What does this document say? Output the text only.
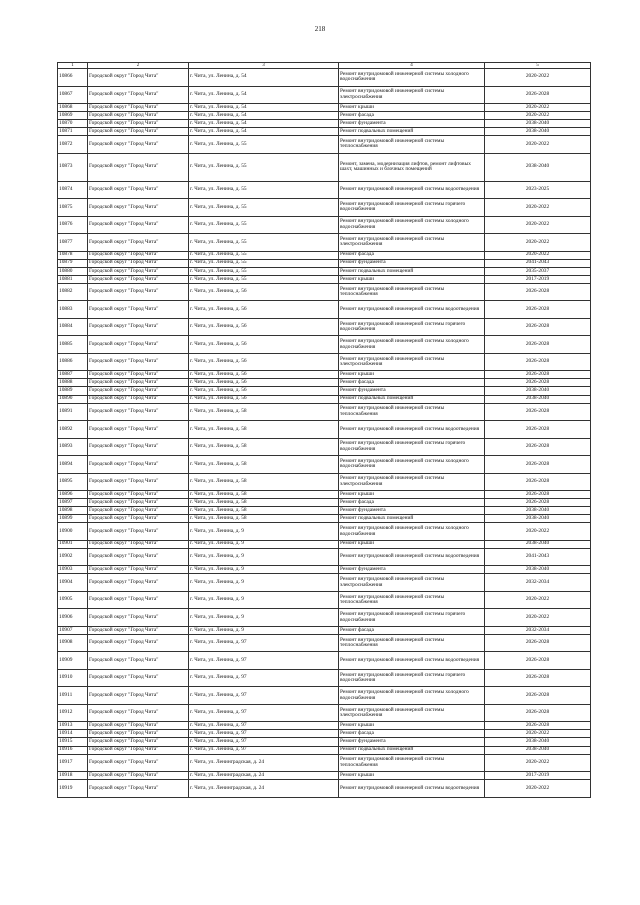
218
1	2	3	4	5
10866	Городской округ "Город Чита"	г. Чита, ул. Ленина, д. 54	Ремонт внутридомовой инженерной системы холодного водоснабжения	2020-2022
10867	Городской округ "Город Чита"	г. Чита, ул. Ленина, д. 54	Ремонт внутридомовой инженерной системы электроснабжения	2026-2028
10868	Городской округ "Город Чита"	г. Чита, ул. Ленина, д. 54	Ремонт крыши	2020-2022
10869	Городской округ "Город Чита"	г. Чита, ул. Ленина, д. 54	Ремонт фасада	2020-2022
10870	Городской округ "Город Чита"	г. Чита, ул. Ленина, д. 54	Ремонт фундамента	2038-2040
10871	Городской округ "Город Чита"	г. Чита, ул. Ленина, д. 54	Ремонт подвальных помещений	2038-2040
10872	Городской округ "Город Чита"	г. Чита, ул. Ленина, д. 55	Ремонт внутридомовой инженерной системы теплоснабжения	2020-2022
10873	Городской округ "Город Чита"	г. Чита, ул. Ленина, д. 55	Ремонт, замена, модернизация лифтов, ремонт лифтовых шахт, машинных и блочных помещений	2038-2040
10874	Городской округ "Город Чита"	г. Чита, ул. Ленина, д. 55	Ремонт внутридомовой инженерной системы водоотведения	2023-2025
10875	Городской округ "Город Чита"	г. Чита, ул. Ленина, д. 55	Ремонт внутридомовой инженерной системы горячего водоснабжения	2020-2022
10876	Городской округ "Город Чита"	г. Чита, ул. Ленина, д. 55	Ремонт внутридомовой инженерной системы холодного водоснабжения	2020-2022
10877	Городской округ "Город Чита"	г. Чита, ул. Ленина, д. 55	Ремонт внутридомовой инженерной системы электроснабжения	2020-2022
10878	Городской округ "Город Чита"	г. Чита, ул. Ленина, д. 55	Ремонт фасада	2020-2022
10879	Городской округ "Город Чита"	г. Чита, ул. Ленина, д. 55	Ремонт фундамента	2041-2043
10880	Городской округ "Город Чита"	г. Чита, ул. Ленина, д. 55	Ремонт подвальных помещений	2035-2037
10881	Городской округ "Город Чита"	г. Чита, ул. Ленина, д. 55	Ремонт крыши	2017-2019
10882	Городской округ "Город Чита"	г. Чита, ул. Ленина, д. 56	Ремонт внутридомовой инженерной системы теплоснабжения	2026-2028
10883	Городской округ "Город Чита"	г. Чита, ул. Ленина, д. 56	Ремонт внутридомовой инженерной системы водоотведения	2026-2028
10884	Городской округ "Город Чита"	г. Чита, ул. Ленина, д. 56	Ремонт внутридомовой инженерной системы горячего водоснабжения	2026-2028
10885	Городской округ "Город Чита"	г. Чита, ул. Ленина, д. 56	Ремонт внутридомовой инженерной системы холодного водоснабжения	2026-2028
10886	Городской округ "Город Чита"	г. Чита, ул. Ленина, д. 56	Ремонт внутридомовой инженерной системы электроснабжения	2026-2028
10887	Городской округ "Город Чита"	г. Чита, ул. Ленина, д. 56	Ремонт крыши	2026-2028
10888	Городской округ "Город Чита"	г. Чита, ул. Ленина, д. 56	Ремонт фасада	2026-2028
10889	Городской округ "Город Чита"	г. Чита, ул. Ленина, д. 56	Ремонт фундамента	2038-2040
10890	Городской округ "Город Чита"	г. Чита, ул. Ленина, д. 56	Ремонт подвальных помещений	2038-2040
10891	Городской округ "Город Чита"	г. Чита, ул. Ленина, д. 58	Ремонт внутридомовой инженерной системы теплоснабжения	2026-2028
10892	Городской округ "Город Чита"	г. Чита, ул. Ленина, д. 58	Ремонт внутридомовой инженерной системы водоотведения	2026-2028
10893	Городской округ "Город Чита"	г. Чита, ул. Ленина, д. 58	Ремонт внутридомовой инженерной системы горячего водоснабжения	2026-2028
10894	Городской округ "Город Чита"	г. Чита, ул. Ленина, д. 58	Ремонт внутридомовой инженерной системы холодного водоснабжения	2026-2028
10895	Городской округ "Город Чита"	г. Чита, ул. Ленина, д. 58	Ремонт внутридомовой инженерной системы электроснабжения	2026-2028
10896	Городской округ "Город Чита"	г. Чита, ул. Ленина, д. 58	Ремонт крыши	2026-2028
10897	Городской округ "Город Чита"	г. Чита, ул. Ленина, д. 58	Ремонт фасада	2026-2028
10898	Городской округ "Город Чита"	г. Чита, ул. Ленина, д. 58	Ремонт фундамента	2038-2040
10899	Городской округ "Город Чита"	г. Чита, ул. Ленина, д. 58	Ремонт подвальных помещений	2038-2040
10900	Городской округ "Город Чита"	г. Чита, ул. Ленина, д. 9	Ремонт внутридомовой инженерной системы холодного водоснабжения	2020-2022
10901	Городской округ "Город Чита"	г. Чита, ул. Ленина, д. 9	Ремонт крыши	2038-2040
10902	Городской округ "Город Чита"	г. Чита, ул. Ленина, д. 9	Ремонт внутридомовой инженерной системы водоотведения	2041-2043
10903	Городской округ "Город Чита"	г. Чита, ул. Ленина, д. 9	Ремонт фундамента	2038-2040
10904	Городской округ "Город Чита"	г. Чита, ул. Ленина, д. 9	Ремонт внутридомовой инженерной системы электроснабжения	2032-2034
10905	Городской округ "Город Чита"	г. Чита, ул. Ленина, д. 9	Ремонт внутридомовой инженерной системы теплоснабжения	2020-2022
10906	Городской округ "Город Чита"	г. Чита, ул. Ленина, д. 9	Ремонт внутридомовой инженерной системы горячего водоснабжения	2020-2022
10907	Городской округ "Город Чита"	г. Чита, ул. Ленина, д. 9	Ремонт фасада	2032-2034
10908	Городской округ "Город Чита"	г. Чита, ул. Ленина, д. 97	Ремонт внутридомовой инженерной системы теплоснабжения	2026-2028
10909	Городской округ "Город Чита"	г. Чита, ул. Ленина, д. 97	Ремонт внутридомовой инженерной системы водоотведения	2026-2028
10910	Городской округ "Город Чита"	г. Чита, ул. Ленина, д. 97	Ремонт внутридомовой инженерной системы горячего водоснабжения	2026-2028
10911	Городской округ "Город Чита"	г. Чита, ул. Ленина, д. 97	Ремонт внутридомовой инженерной системы холодного водоснабжения	2026-2028
10912	Городской округ "Город Чита"	г. Чита, ул. Ленина, д. 97	Ремонт внутридомовой инженерной системы электроснабжения	2026-2028
10913	Городской округ "Город Чита"	г. Чита, ул. Ленина, д. 97	Ремонт крыши	2026-2028
10914	Городской округ "Город Чита"	г. Чита, ул. Ленина, д. 97	Ремонт фасада	2020-2022
10915	Городской округ "Город Чита"	г. Чита, ул. Ленина, д. 97	Ремонт фундамента	2038-2040
10916	Городской округ "Город Чита"	г. Чита, ул. Ленина, д. 97	Ремонт подвальных помещений	2038-2040
10917	Городской округ "Город Чита"	г. Чита, ул. Ленинградская, д. 24	Ремонт внутридомовой инженерной системы теплоснабжения	2020-2022
10918	Городской округ "Город Чита"	г. Чита, ул. Ленинградская, д. 24	Ремонт крыши	2017-2019
10919	Городской округ "Город Чита"	г. Чита, ул. Ленинградская, д. 24	Ремонт внутридомовой инженерной системы водоотведения	2020-2022
